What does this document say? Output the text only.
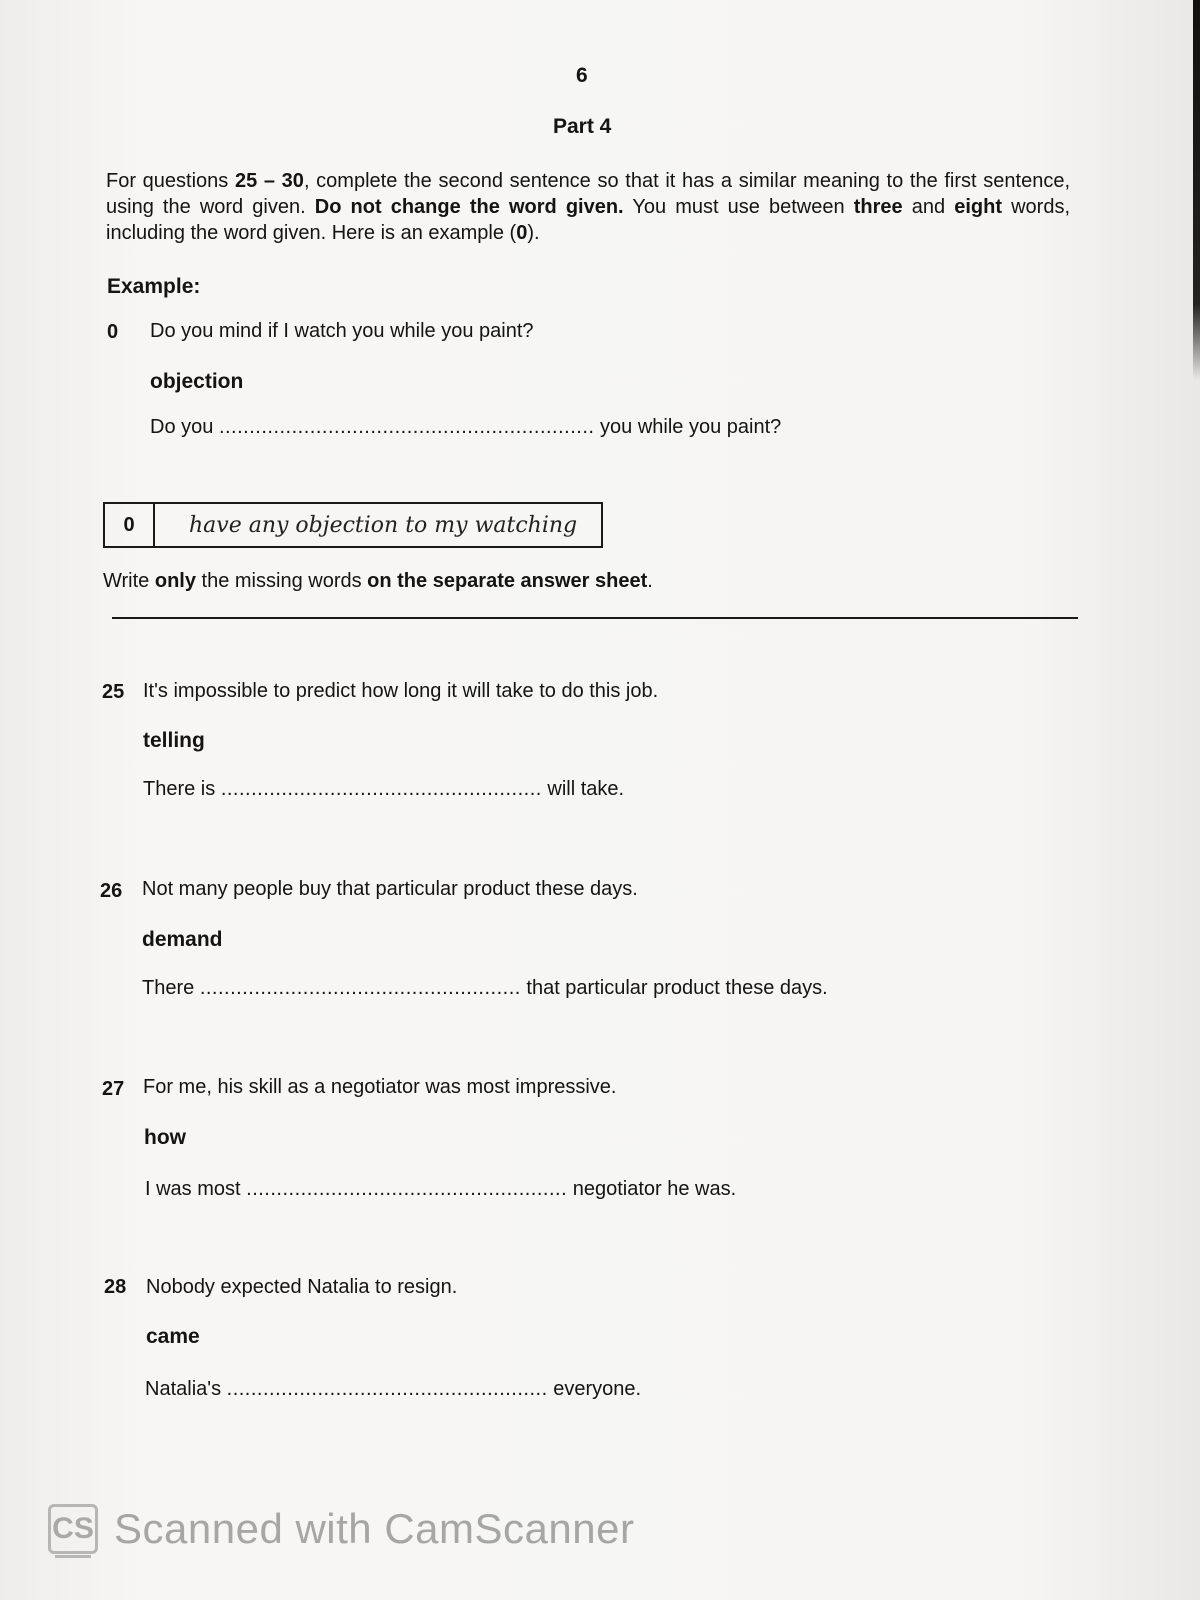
6
Part 4
For questions 25 – 30, complete the second sentence so that it has a similar meaning to the first sentence, using the word given. Do not change the word given. You must use between three and eight words, including the word given. Here is an example (0).
Example:
0 Do you mind if I watch you while you paint?
objection
Do you .............................................................. you while you paint?
0	have any objection to my watching
Write only the missing words on the separate answer sheet.
25 It's impossible to predict how long it will take to do this job.
telling
There is ..................................................... will take.
26 Not many people buy that particular product these days.
demand
There ..................................................... that particular product these days.
27 For me, his skill as a negotiator was most impressive.
how
I was most ..................................................... negotiator he was.
28 Nobody expected Natalia to resign.
came
Natalia's ..................................................... everyone.
CS Scanned with CamScanner
